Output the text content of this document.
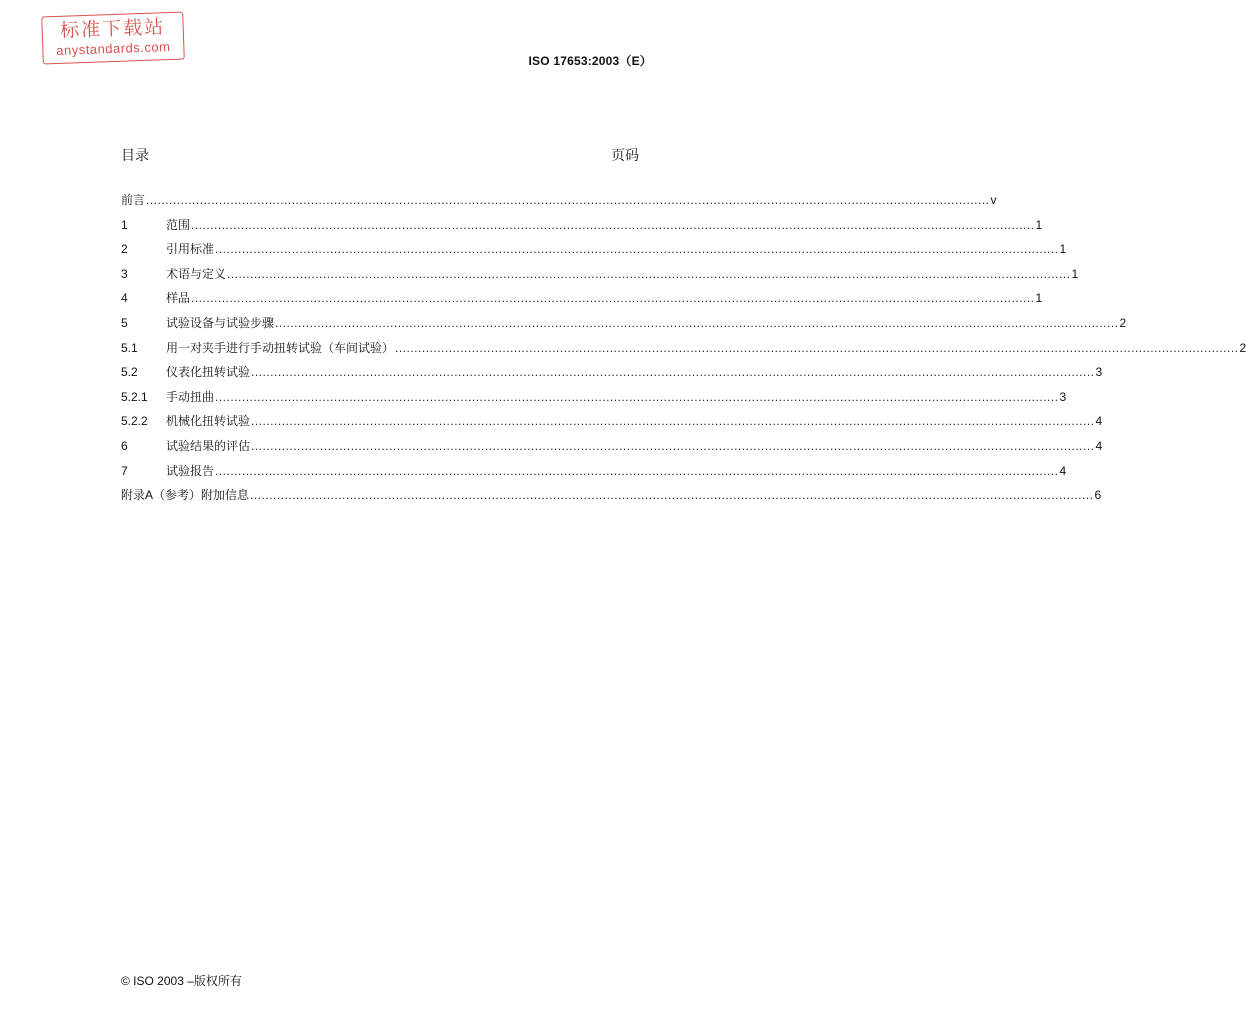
标准下载站
anystandards.com
ISO 17653:2003（E）
目录	页码
前言 ............................................................................................................................................................................................................................ v
1	范围 ............................................................................................................................................................................................................................ 1
2	引用标准 ............................................................................................................................................................................................................................ 1
3	术语与定义 ............................................................................................................................................................................................................................ 1
4	样品 ............................................................................................................................................................................................................................ 1
5	试验设备与试验步骤 ............................................................................................................................................................................................................................ 2
5.1	用一对夹手进行手动扭转试验（车间试验） ............................................................................................................................................................................................................................ 2
5.2	仪表化扭转试验 ............................................................................................................................................................................................................................ 3
5.2.1	手动扭曲 ............................................................................................................................................................................................................................ 3
5.2.2	机械化扭转试验 ............................................................................................................................................................................................................................ 4
6	试验结果的评估 ............................................................................................................................................................................................................................ 4
7	试验报告 ............................................................................................................................................................................................................................ 4
附录A（参考）附加信息 ............................................................................................................................................................................................................................ 6
© ISO 2003 –版权所有
